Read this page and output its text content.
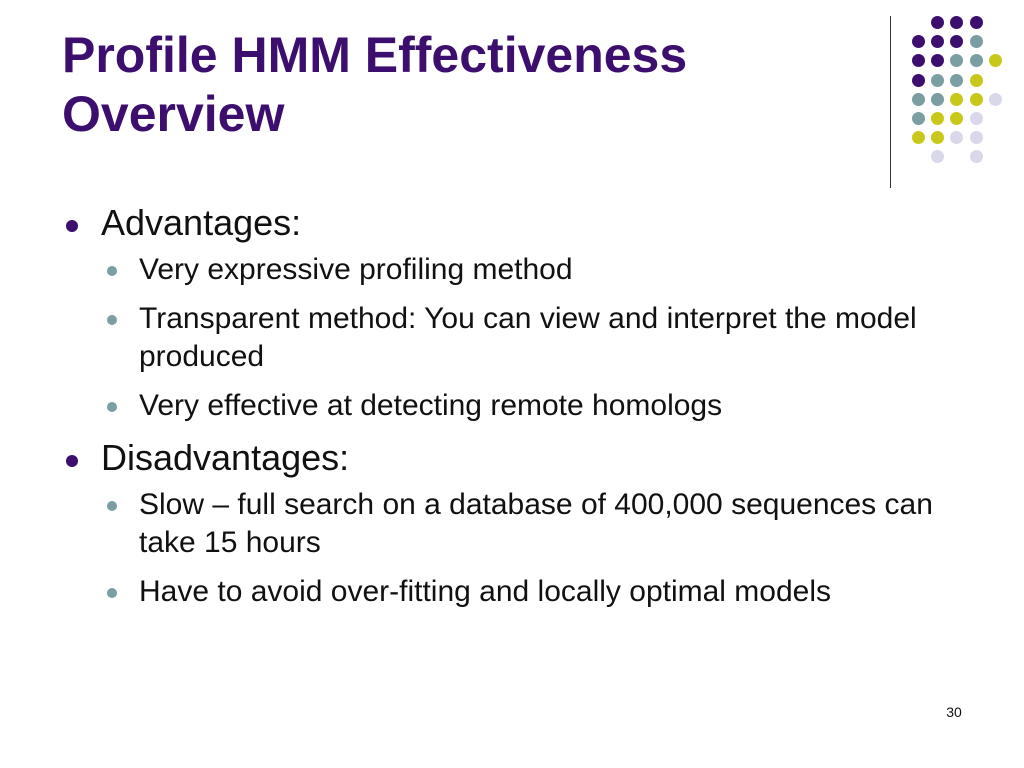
Profile HMM Effectiveness
Overview
Advantages:
Very expressive profiling method
Transparent method: You can view and interpret the model produced
Very effective at detecting remote homologs
Disadvantages:
Slow – full search on a database of 400,000 sequences can take 15 hours
Have to avoid over-fitting and locally optimal models
30
